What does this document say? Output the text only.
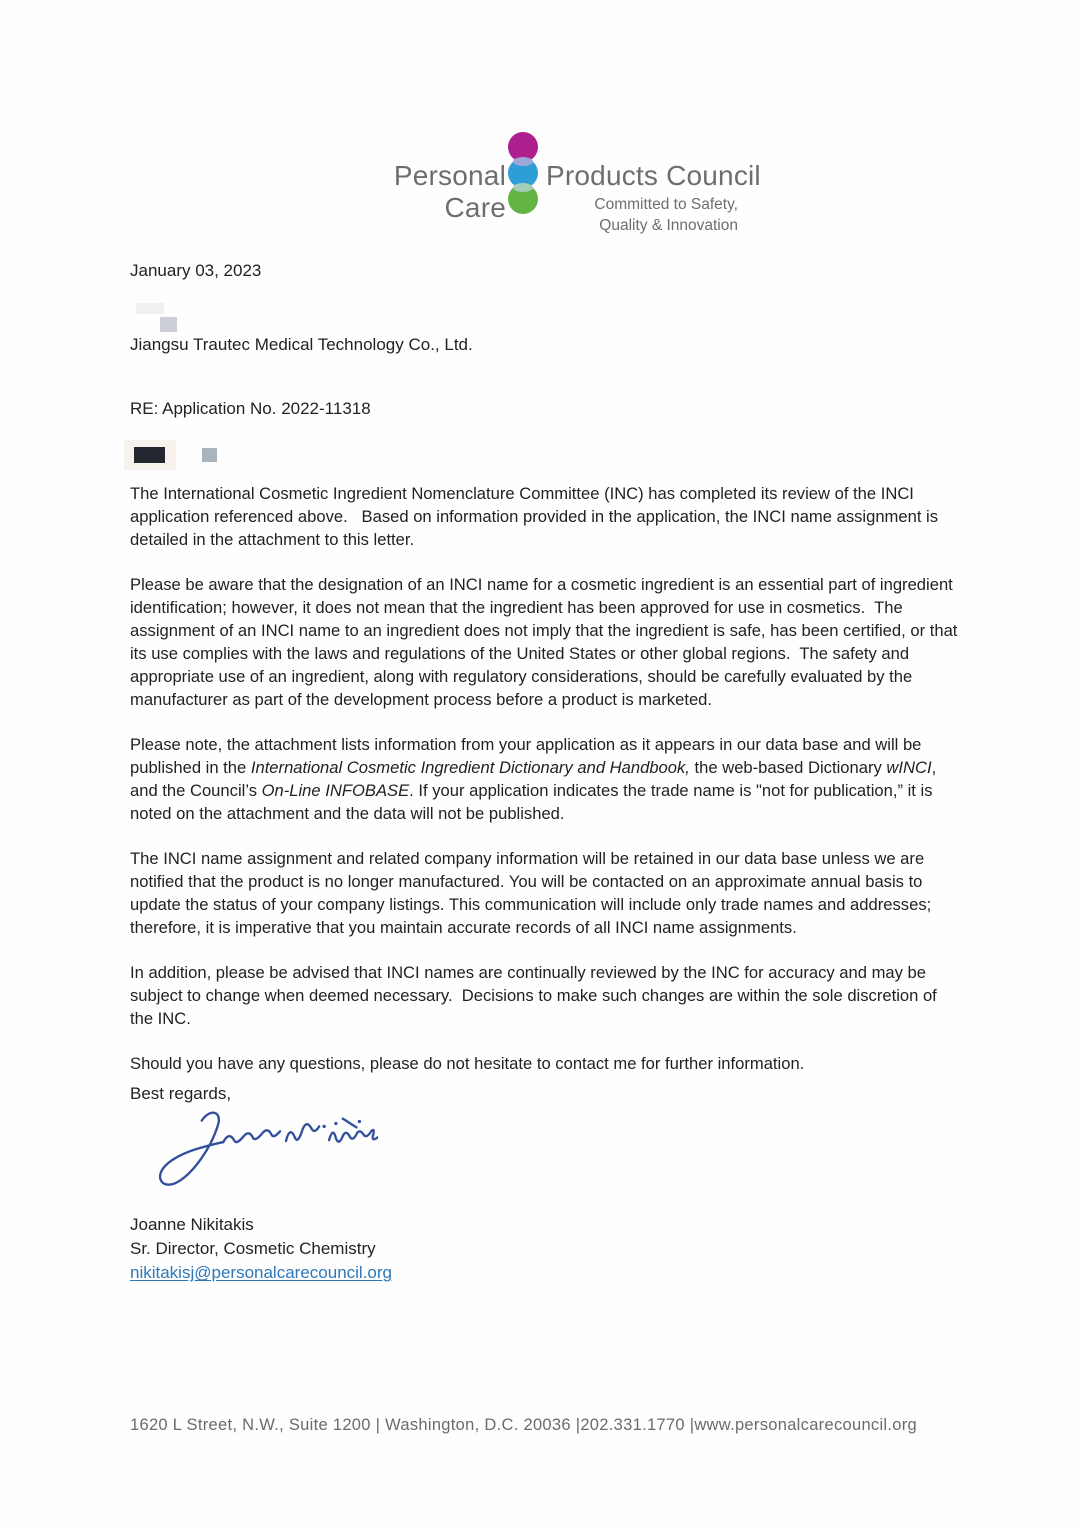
Personal Care
Products Council
Committed to Safety,
Quality & Innovation
January 03, 2023
Jiangsu Trautec Medical Technology Co., Ltd.
RE: Application No. 2022-11318

The International Cosmetic Ingredient Nomenclature Committee (INC) has completed its review of the INCI application referenced above.   Based on information provided in the application, the INCI name assignment is detailed in the attachment to this letter.

Please be aware that the designation of an INCI name for a cosmetic ingredient is an essential part of ingredient identification; however, it does not mean that the ingredient has been approved for use in cosmetics.  The assignment of an INCI name to an ingredient does not imply that the ingredient is safe, has been certified, or that its use complies with the laws and regulations of the United States or other global regions.  The safety and appropriate use of an ingredient, along with regulatory considerations, should be carefully evaluated by the manufacturer as part of the development process before a product is marketed.

Please note, the attachment lists information from your application as it appears in our data base and will be published in the International Cosmetic Ingredient Dictionary and Handbook, the web-based Dictionary wINCI, and the Council’s On-Line INFOBASE. If your application indicates the trade name is "not for publication,” it is noted on the attachment and the data will not be published.

The INCI name assignment and related company information will be retained in our data base unless we are notified that the product is no longer manufactured. You will be contacted on an approximate annual basis to update the status of your company listings. This communication will include only trade names and addresses; therefore, it is imperative that you maintain accurate records of all INCI name assignments.

In addition, please be advised that INCI names are continually reviewed by the INC for accuracy and may be subject to change when deemed necessary.  Decisions to make such changes are within the sole discretion of the INC.

Should you have any questions, please do not hesitate to contact me for further information.

Best regards,
Joanne Nikitakis
Sr. Director, Cosmetic Chemistry
nikitakisj@personalcarecouncil.org
1620 L Street, N.W., Suite 1200 | Washington, D.C. 20036 |202.331.1770 |www.personalcarecouncil.org
